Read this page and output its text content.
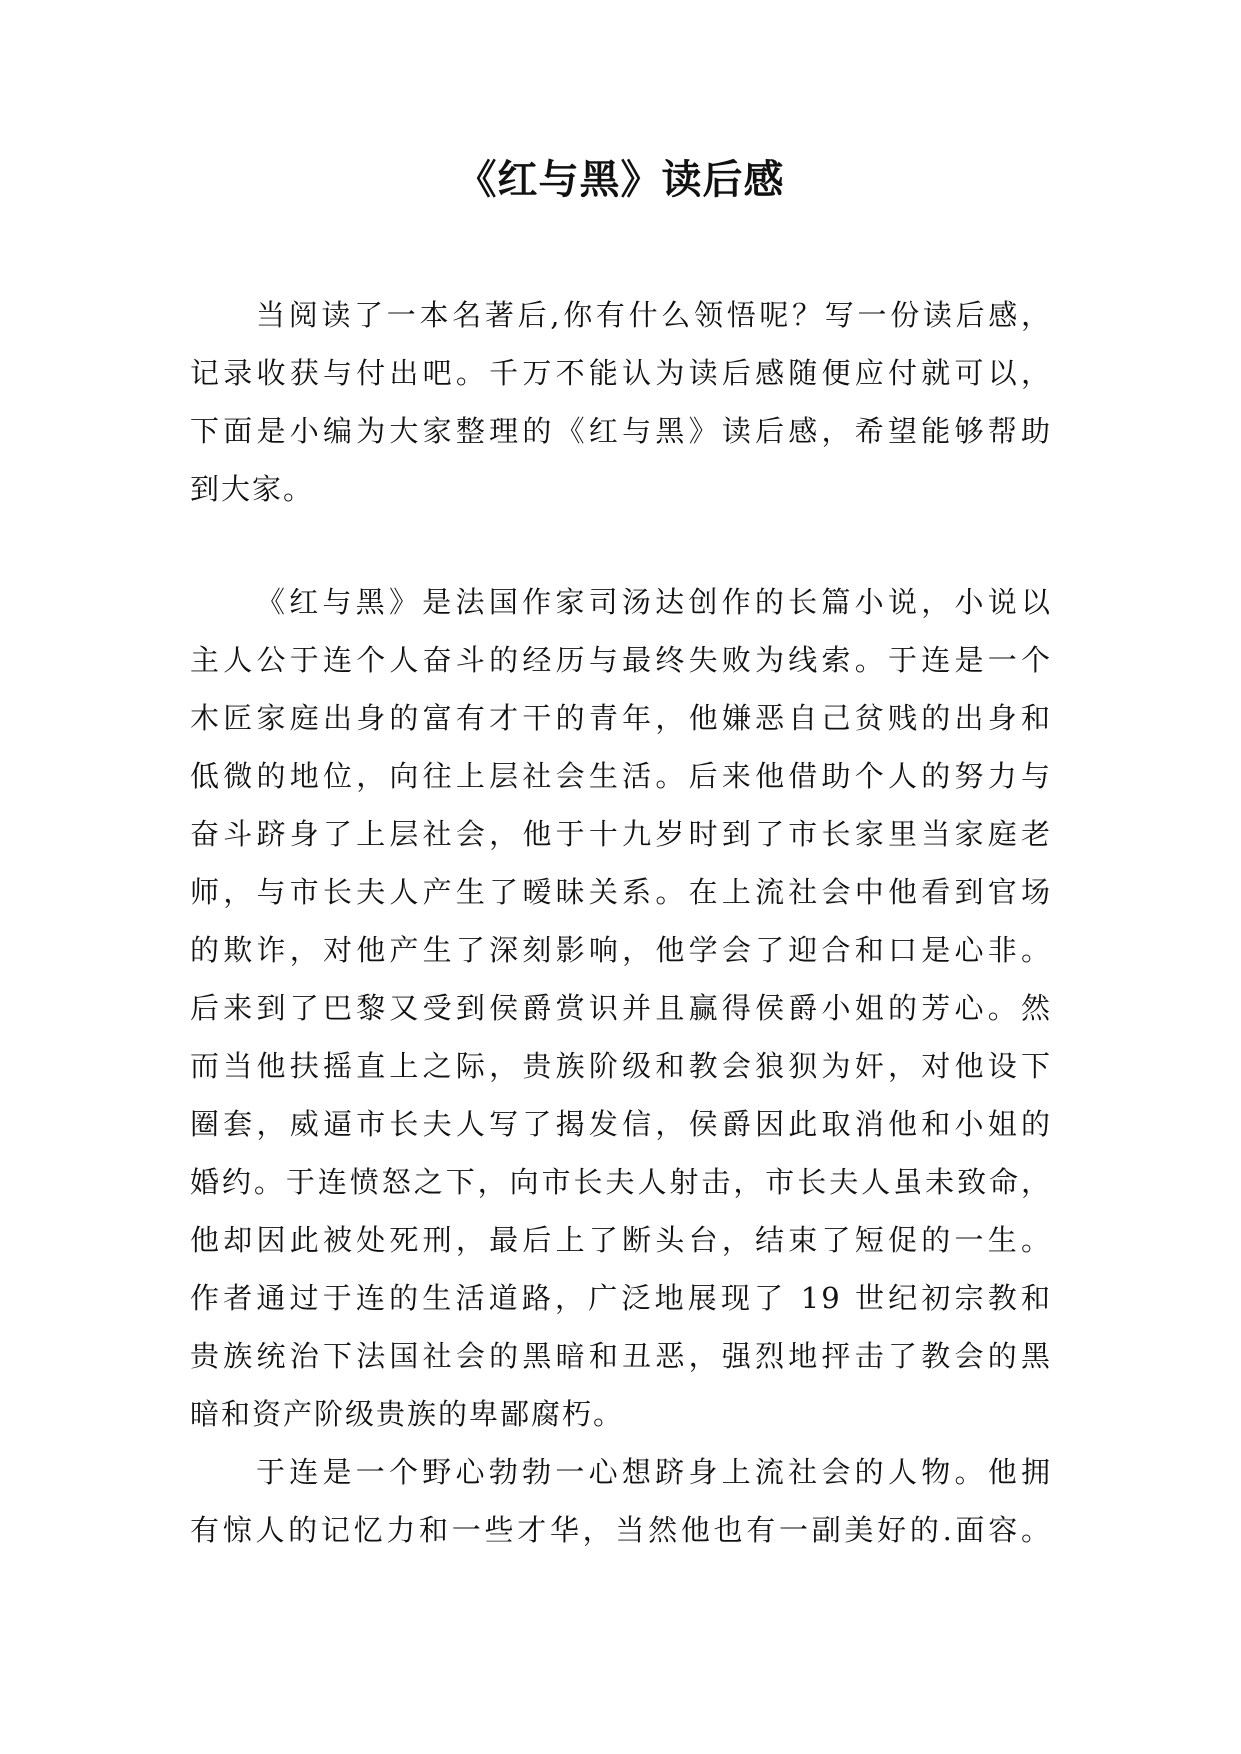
《红与黑》读后感
当阅读了一本名著后,你有什么领悟呢？写一份读后感，
记录收获与付出吧。千万不能认为读后感随便应付就可以，
下面是小编为大家整理的《红与黑》读后感，希望能够帮助
到大家。
《红与黑》是法国作家司汤达创作的长篇小说，小说以
主人公于连个人奋斗的经历与最终失败为线索。于连是一个
木匠家庭出身的富有才干的青年，他嫌恶自己贫贱的出身和
低微的地位，向往上层社会生活。后来他借助个人的努力与
奋斗跻身了上层社会，他于十九岁时到了市长家里当家庭老
师，与市长夫人产生了暧昧关系。在上流社会中他看到官场
的欺诈，对他产生了深刻影响，他学会了迎合和口是心非。
后来到了巴黎又受到侯爵赏识并且赢得侯爵小姐的芳心。然
而当他扶摇直上之际，贵族阶级和教会狼狈为奸，对他设下
圈套，威逼市长夫人写了揭发信，侯爵因此取消他和小姐的
婚约。于连愤怒之下，向市长夫人射击，市长夫人虽未致命，
他却因此被处死刑，最后上了断头台，结束了短促的一生。
作者通过于连的生活道路，广泛地展现了 19 世纪初宗教和
贵族统治下法国社会的黑暗和丑恶，强烈地抨击了教会的黑
暗和资产阶级贵族的卑鄙腐朽。
于连是一个野心勃勃一心想跻身上流社会的人物。他拥
有惊人的记忆力和一些才华，当然他也有一副美好的.面容。
